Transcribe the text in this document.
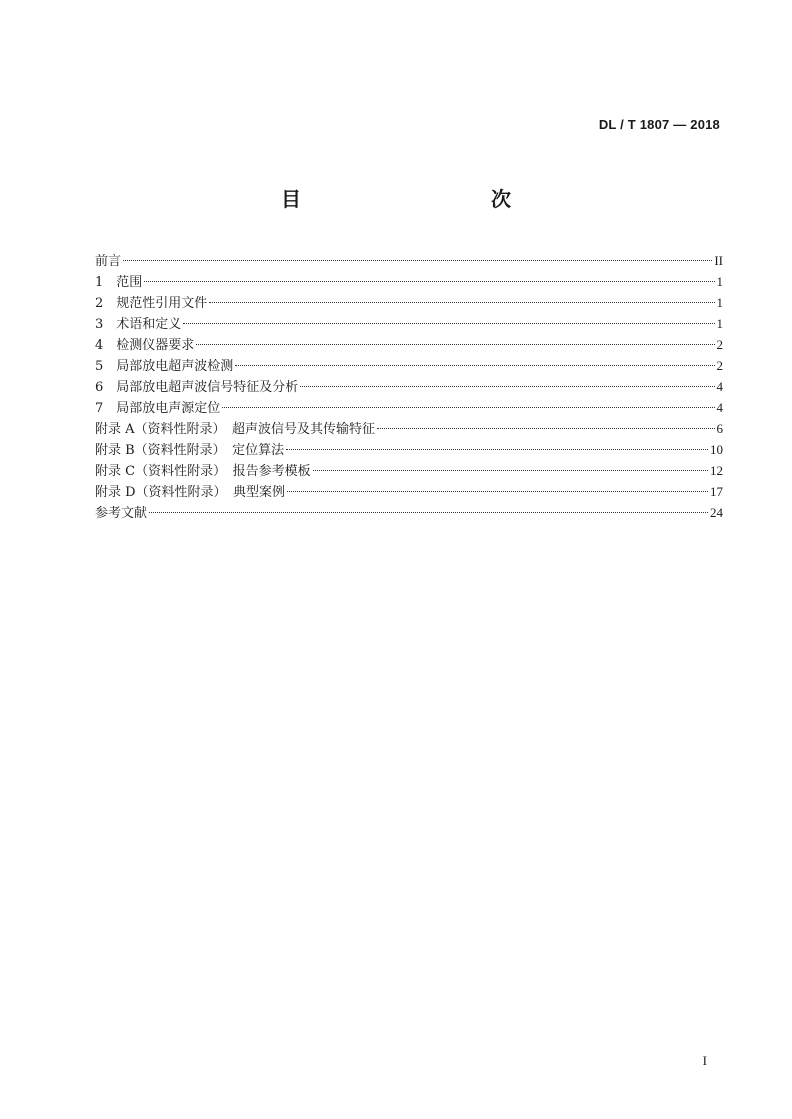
DL / T 1807 — 2018
目　　次
前言	II
1　范围	1
2　规范性引用文件	1
3　术语和定义	1
4　检测仪器要求	2
5　局部放电超声波检测	2
6　局部放电超声波信号特征及分析	4
7　局部放电声源定位	4
附录 A（资料性附录）　超声波信号及其传输特征	6
附录 B（资料性附录）　定位算法	10
附录 C（资料性附录）　报告参考模板	12
附录 D（资料性附录）　典型案例	17
参考文献	24
I
